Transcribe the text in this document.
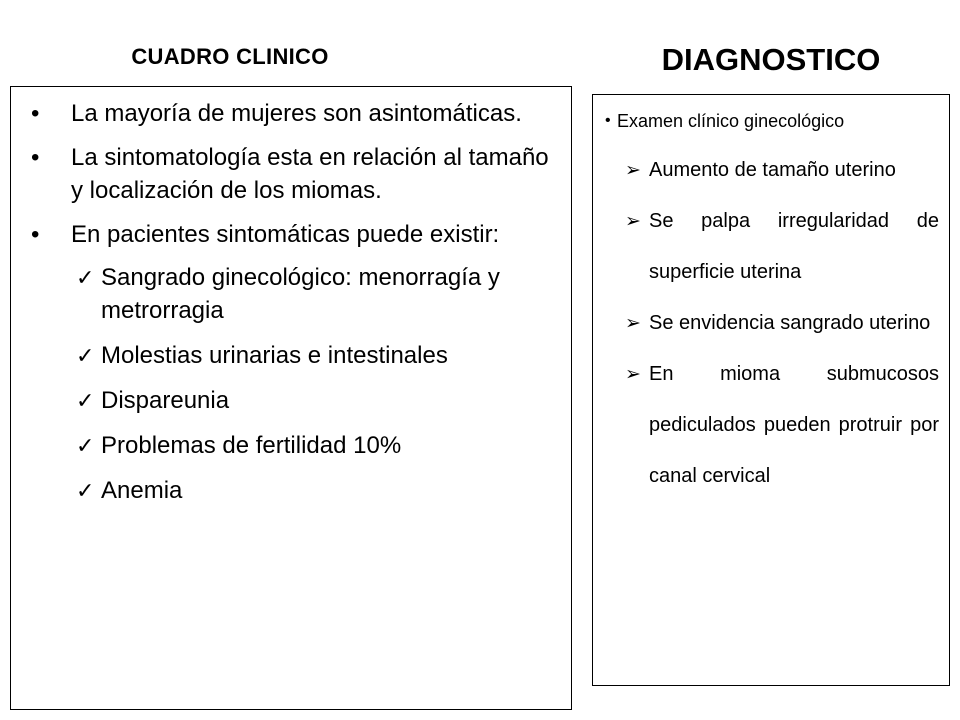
CUADRO CLINICO	DIAGNOSTICO
• La mayoría de mujeres son asintomáticas.
• La sintomatología esta en relación al tamaño y localización de los miomas.
• En pacientes sintomáticas puede existir:
✓ Sangrado ginecológico: menorragía y metrorragia
✓ Molestias urinarias e intestinales
✓ Dispareunia
✓ Problemas de fertilidad 10%
✓ Anemia
• Examen clínico ginecológico
➢ Aumento de tamaño uterino
➢ Se palpa irregularidad de superficie uterina
➢ Se envidencia sangrado uterino
➢ En mioma submucosos pediculados pueden protruir por canal cervical
